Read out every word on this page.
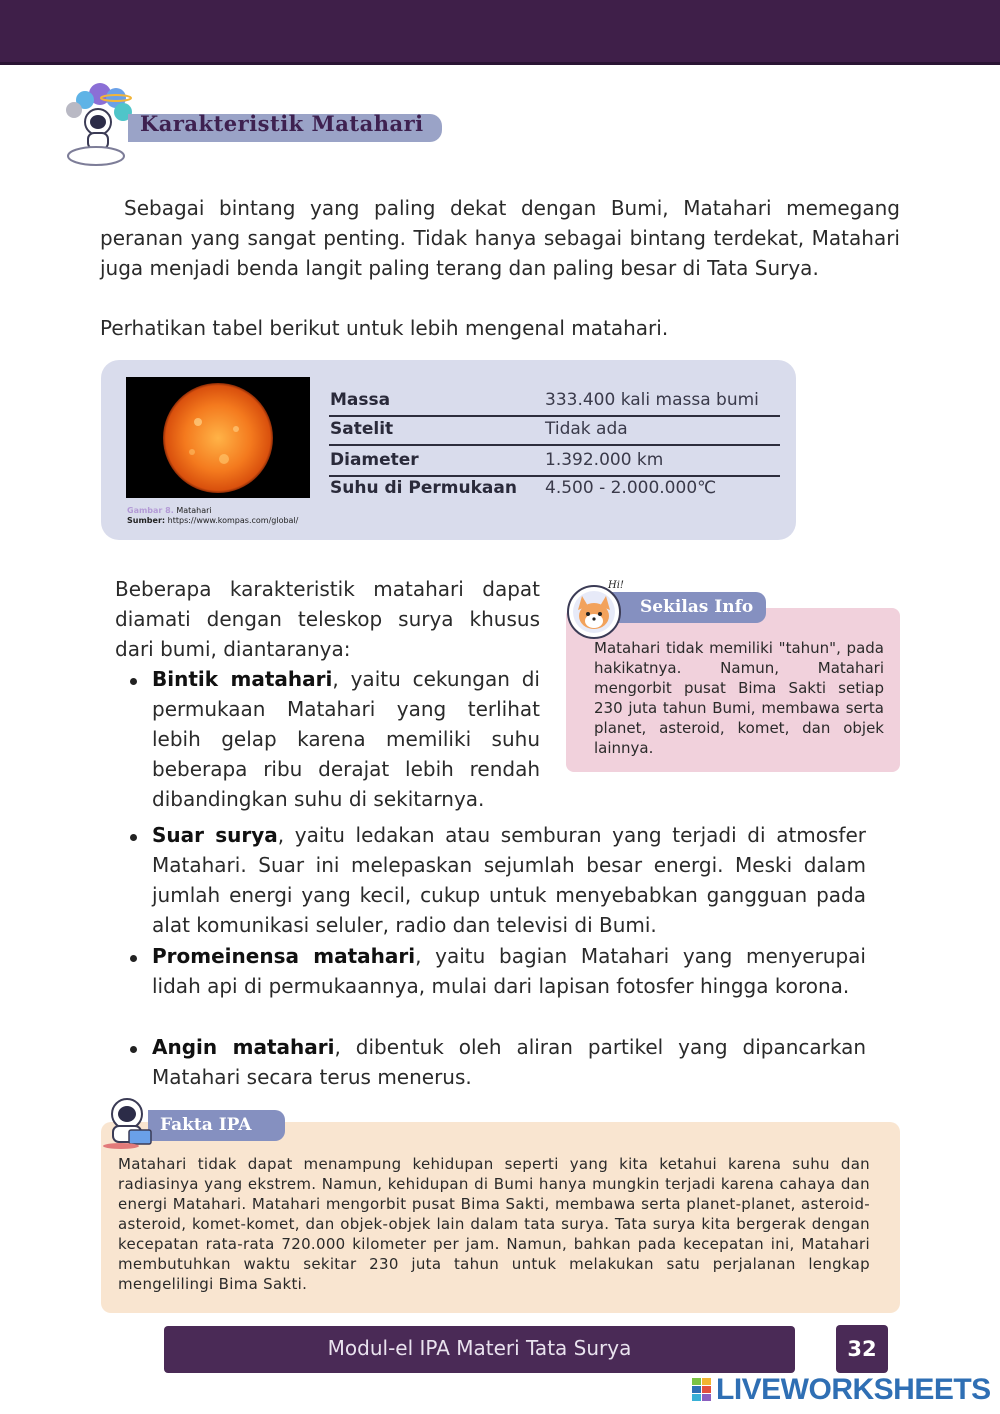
Karakteristik Matahari
Sebagai bintang yang paling dekat dengan Bumi, Matahari memegang peranan yang sangat penting. Tidak hanya sebagai bintang terdekat, Matahari juga menjadi benda langit paling terang dan paling besar di Tata Surya.
Perhatikan tabel berikut untuk lebih mengenal matahari.
Gambar 8. Matahari
Sumber: https://www.kompas.com/global/
Massa	333.400 kali massa bumi
Satelit	Tidak ada
Diameter	1.392.000 km
Suhu di Permukaan 4.500 - 2.000.000℃
Beberapa karakteristik matahari dapat diamati dengan teleskop surya khusus dari bumi, diantaranya:

Bintik matahari, yaitu cekungan di permukaan Matahari yang terlihat lebih gelap karena memiliki suhu beberapa ribu derajat lebih rendah dibandingkan suhu di sekitarnya.

Suar surya, yaitu ledakan atau semburan yang terjadi di atmosfer Matahari. Suar ini melepaskan sejumlah besar energi. Meski dalam jumlah energi yang kecil, cukup untuk menyebabkan gangguan pada alat komunikasi seluler, radio dan televisi di Bumi.

Promeinensa matahari, yaitu bagian Matahari yang menyerupai lidah api di permukaannya, mulai dari lapisan fotosfer hingga korona.

Angin matahari, dibentuk oleh aliran partikel yang dipancarkan Matahari secara terus menerus.

Sekilas Info
Hi!
Matahari tidak memiliki "tahun", pada hakikatnya. Namun, Matahari mengorbit pusat Bima Sakti setiap 230 juta tahun Bumi, membawa serta planet, asteroid, komet, dan objek lainnya.
Fakta IPA
Matahari tidak dapat menampung kehidupan seperti yang kita ketahui karena suhu dan radiasinya yang ekstrem. Namun, kehidupan di Bumi hanya mungkin terjadi karena cahaya dan energi Matahari. Matahari mengorbit pusat Bima Sakti, membawa serta planet-planet, asteroid-asteroid, komet-komet, dan objek-objek lain dalam tata surya. Tata surya kita bergerak dengan kecepatan rata-rata 720.000 kilometer per jam. Namun, bahkan pada kecepatan ini, Matahari membutuhkan waktu sekitar 230 juta tahun untuk melakukan satu perjalanan lengkap mengelilingi Bima Sakti.
Modul-el IPA Materi Tata Surya	32
LIVEWORKSHEETS
